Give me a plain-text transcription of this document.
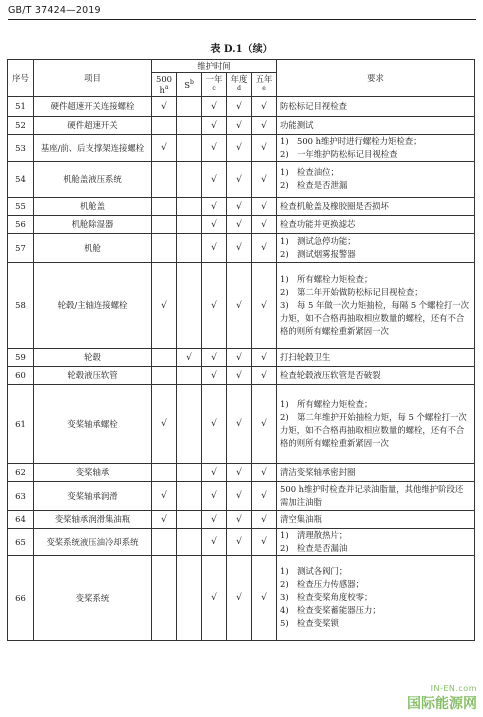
GB/T 37424—2019
表 D.1（续）
序号	项目	维护时间					要求
		500 $h^a$	$S^b$	一年$^c$	年度$^d$	五年$^e$
51	硬件超速开关连接螺栓	√		√	√	√	防松标记目视检查

52	硬件超速开关			√	√	√	功能测试

53	基座/前、后支撑架连接螺栓	√		√	√	√	1)　500 h维护时进行螺栓力矩检查；
2)　一年维护防松标记目视检查

54	机舱盖液压系统			√	√	√	1)　检查油位；
2)　检查是否泄漏

55	机舱盖			√	√	√	检查机舱盖及橡胶圈是否损坏

56	机舱除湿器			√	√	√	检查功能并更换滤芯

57	机舱			√	√	√	1)　测试急停功能；
2)　测试烟雾报警器

58	轮毂/主轴连接螺栓	√		√	√	√	1)　所有螺栓力矩检查；
2)　第二年开始做防松标记目视检查；
3)　每 5 年做一次力矩抽检，每隔 5 个螺栓打一次力矩，如不合格再抽取相应数量的螺栓，还有不合格的则所有螺栓重新紧固一次

59	轮毂		√	√	√	√	打扫轮毂卫生

60	轮毂液压软管			√	√	√	检查轮毂液压软管是否破裂

61	变桨轴承螺栓	√		√	√	√	1)　所有螺栓力矩检查；
2)　第二年维护开始抽检力矩，每 5 个螺栓打一次力矩，如不合格再抽取相应数量的螺栓，还有不合格的则所有螺栓重新紧固一次

62	变桨轴承			√	√	√	清洁变桨轴承密封圈

63	变桨轴承润滑	√		√	√	√	500 h维护时检查并记录油脂量，其他维护阶段还需加注油脂

64	变桨轴承润滑集油瓶	√		√	√	√	清空集油瓶

65	变桨系统液压油冷却系统			√	√	√	1)　清理散热片；
2)　检查是否漏油

66	变桨系统			√	√	√	1)　测试各阀门；
2)　检查压力传感器；
3)　检查变桨角度校零；
4)　检查变桨蓄能器压力；
5)　检查变桨锁
IN-EN.com
国际能源网
